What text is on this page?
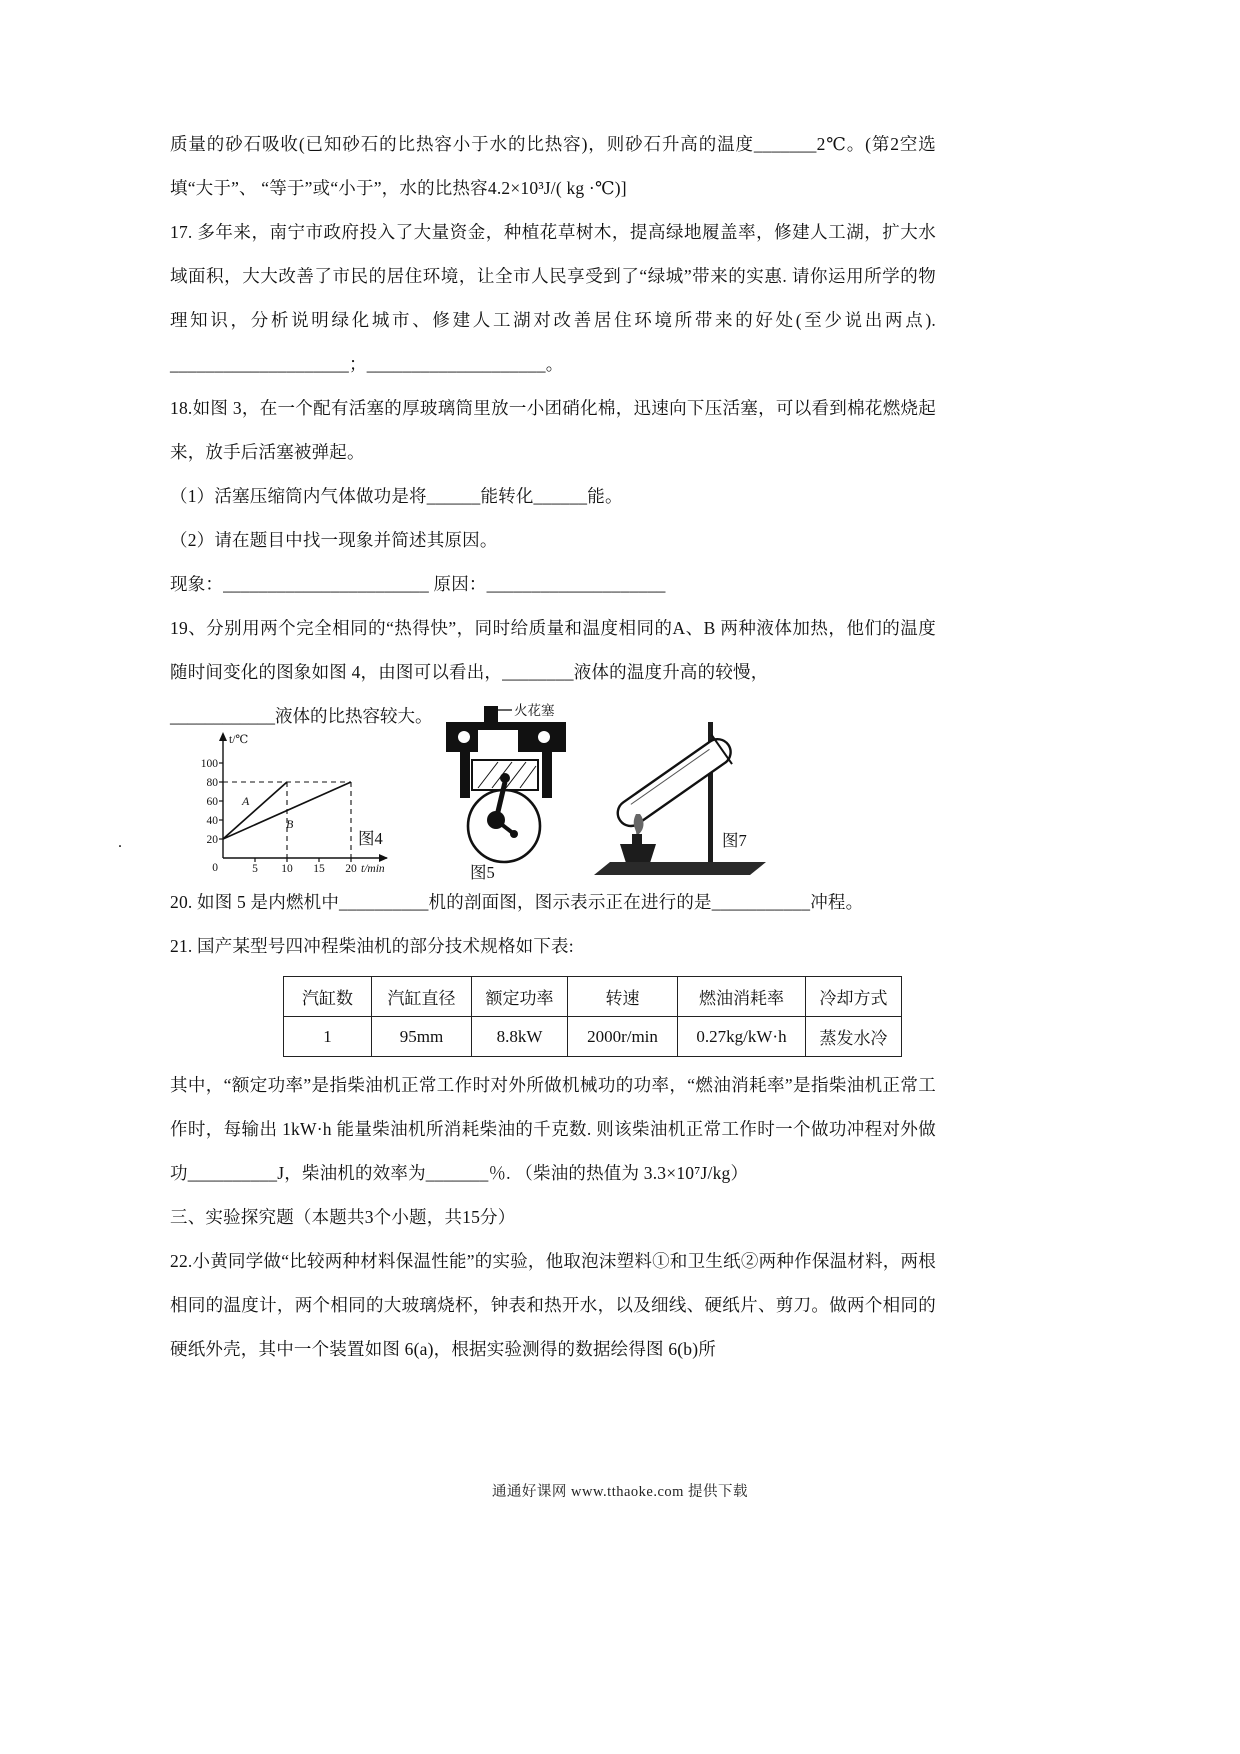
质量的砂石吸收(已知砂石的比热容小于水的比热容)，则砂石升高的温度_______2℃。(第2空选填“大于”、 “等于”或“小于”，水的比热容4.2×10³J/( kg ·℃)]

17. 多年来，南宁市政府投入了大量资金，种植花草树木，提高绿地履盖率，修建人工湖，扩大水域面积，大大改善了市民的居住环境，让全市人民享受到了“绿城”带来的实惠. 请你运用所学的物理知识，分析说明绿化城市、修建人工湖对改善居住环境所带来的好处(至少说出两点). ____________________；____________________。

18.如图 3，在一个配有活塞的厚玻璃筒里放一小团硝化棉，迅速向下压活塞，可以看到棉花燃烧起来，放手后活塞被弹起。

（1）活塞压缩筒内气体做功是将______能转化______能。

（2）请在题目中找一现象并简述其原因。

现象：_______________________ 原因：____________________

19、分别用两个完全相同的“热得快”，同时给质量和温度相同的A、B 两种液体加热，他们的温度随时间变化的图象如图 4，由图可以看出，________液体的温度升高的较慢，

____________液体的比热容较大。
.
100
80
60
40
20
0	5 10 15 20
t/℃
t/min
A
B
图4
火花塞
图5
图7

20. 如图 5 是内燃机中__________机的剖面图，图示表示正在进行的是___________冲程。

21. 国产某型号四冲程柴油机的部分技术规格如下表:

汽缸数	汽缸直径	额定功率	转速	燃油消耗率	冷却方式
1	95mm	8.8kW	2000r/min	0.27kg/kW·h	蒸发水冷

其中，“额定功率”是指柴油机正常工作时对外所做机械功的功率，“燃油消耗率”是指柴油机正常工作时，每输出 1kW·h 能量柴油机所消耗柴油的千克数. 则该柴油机正常工作时一个做功冲程对外做功__________J，柴油机的效率为_______％. （柴油的热值为 3.3×10⁷J/kg）

三、实验探究题（本题共3个小题，共15分）

22.小黄同学做“比较两种材料保温性能”的实验，他取泡沫塑料①和卫生纸②两种作保温材料，两根相同的温度计，两个相同的大玻璃烧杯，钟表和热开水，以及细线、硬纸片、剪刀。做两个相同的硬纸外壳，其中一个装置如图 6(a)，根据实验测得的数据绘得图 6(b)所

通通好课网 www.tthaoke.com 提供下载
